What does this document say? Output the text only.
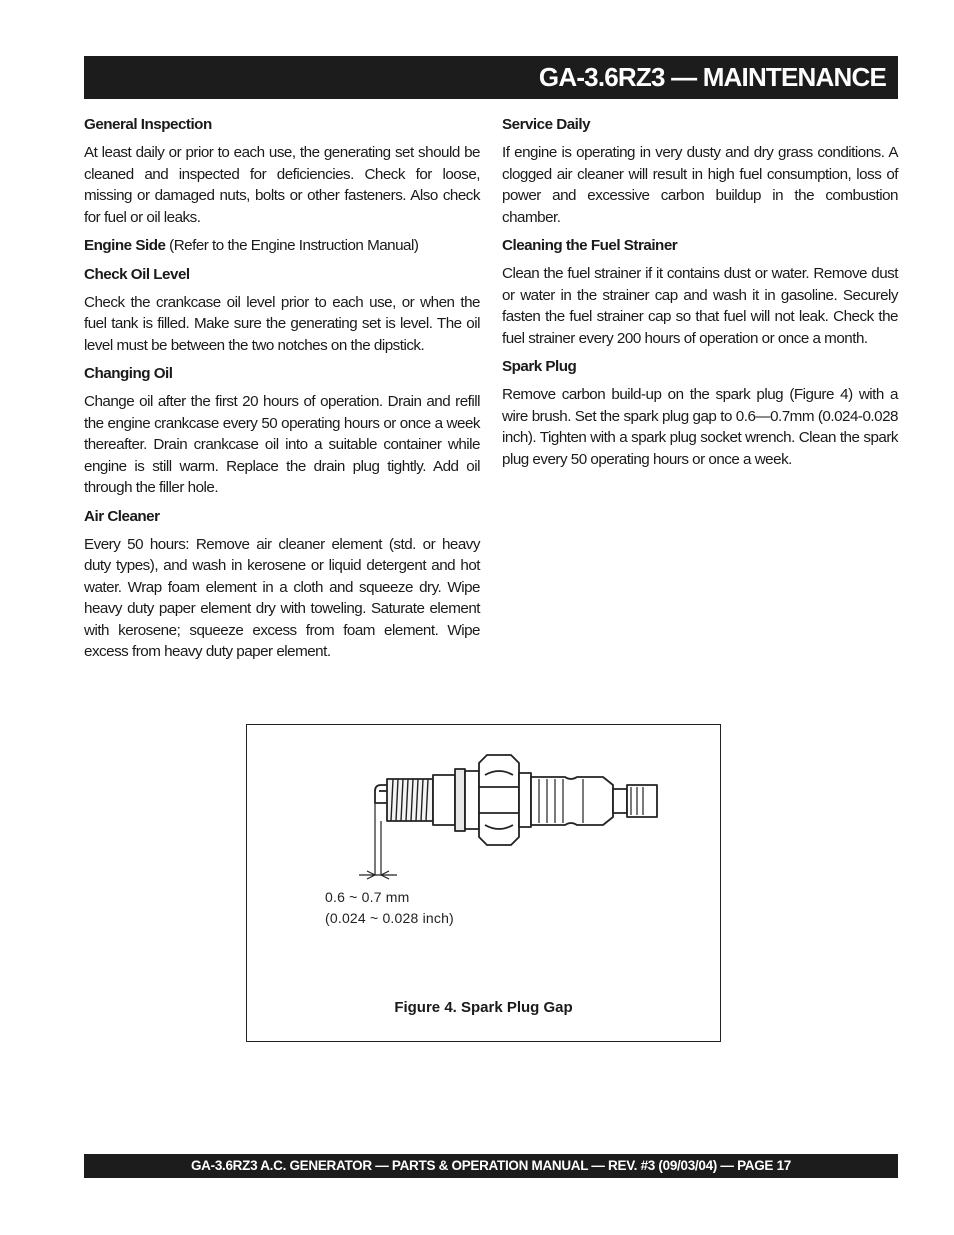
GA-3.6RZ3 — MAINTENANCE
General Inspection

At least daily or prior to each use, the generating set should be cleaned and inspected for deficiencies. Check for loose, missing or damaged nuts, bolts or other fasteners. Also check for fuel or oil leaks.

Engine Side (Refer to the Engine Instruction Manual)

Check Oil Level

Check the crankcase oil level prior to each use, or when the fuel tank is filled. Make sure the generating set is level. The oil level must be between the two notches on the dipstick.

Changing Oil

Change oil after the first 20 hours of operation. Drain and refill the engine crankcase every 50 operating hours or once a week thereafter. Drain crankcase oil into a suitable container while engine is still warm. Replace the drain plug tightly. Add oil through the filler hole.

Air Cleaner

Every 50 hours: Remove air cleaner element (std. or heavy duty types), and wash in kerosene or liquid detergent and hot water. Wrap foam element in a cloth and squeeze dry. Wipe heavy duty paper element dry with toweling. Saturate element with kerosene; squeeze excess from foam element. Wipe excess from heavy duty paper element.

Service Daily

If engine is operating in very dusty and dry grass conditions. A clogged air cleaner will result in high fuel consumption, loss of power and excessive carbon buildup in the combustion chamber.

Cleaning the Fuel Strainer

Clean the fuel strainer if it contains dust or water. Remove dust or water in the strainer cap and wash it in gasoline. Securely fasten the fuel strainer cap so that fuel will not leak. Check the fuel strainer every 200 hours of operation or once a month.

Spark Plug

Remove carbon build-up on the spark plug (Figure 4) with a wire brush. Set the spark plug gap to 0.6—0.7mm (0.024-0.028 inch). Tighten with a spark plug socket wrench. Clean the spark plug every 50 operating hours or once a week.

0.6 ~ 0.7 mm
(0.024 ~ 0.028 inch)
Figure 4. Spark Plug Gap
GA-3.6RZ3 A.C. GENERATOR — PARTS & OPERATION MANUAL — REV. #3 (09/03/04) — PAGE 17
